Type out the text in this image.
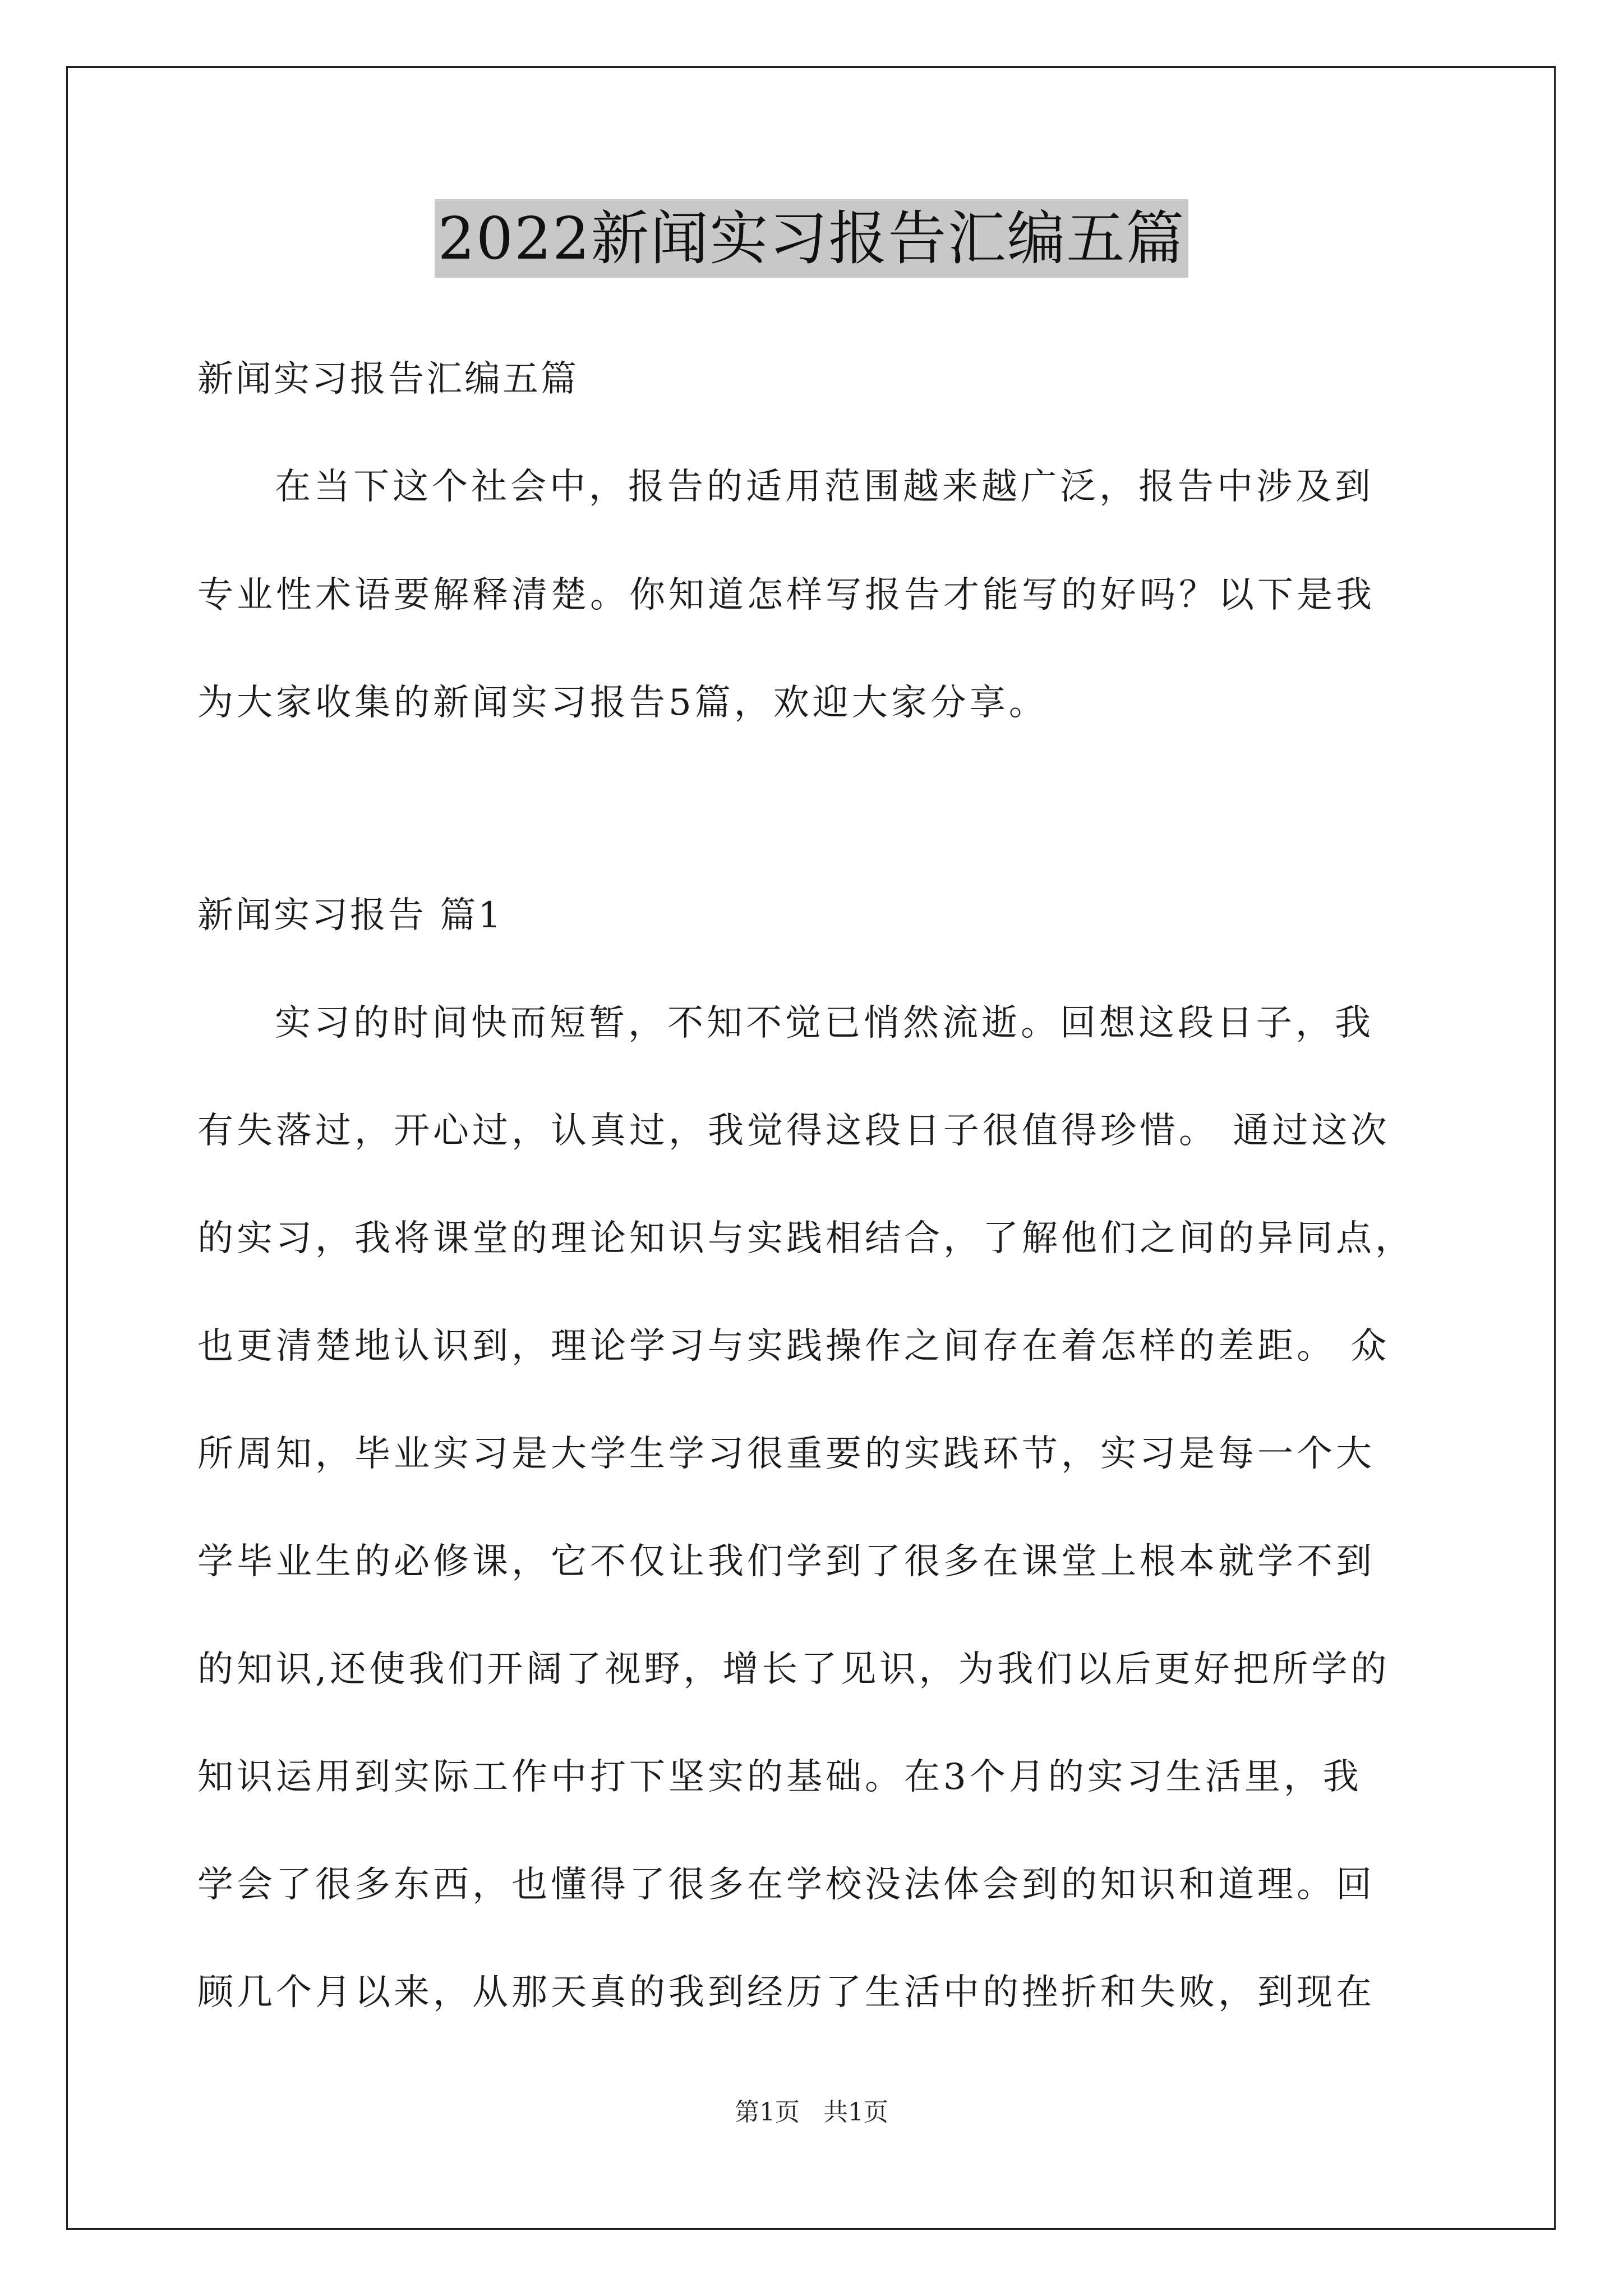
2022新闻实习报告汇编五篇
新闻实习报告汇编五篇
在当下这个社会中，报告的适用范围越来越广泛，报告中涉及到
专业性术语要解释清楚。你知道怎样写报告才能写的好吗？以下是我
为大家收集的新闻实习报告5篇，欢迎大家分享。
新闻实习报告 篇1
实习的时间快而短暂，不知不觉已悄然流逝。回想这段日子，我
有失落过，开心过，认真过，我觉得这段日子很值得珍惜。 通过这次
的实习，我将课堂的理论知识与实践相结合，了解他们之间的异同点，
也更清楚地认识到，理论学习与实践操作之间存在着怎样的差距。 众
所周知，毕业实习是大学生学习很重要的实践环节，实习是每一个大
学毕业生的必修课，它不仅让我们学到了很多在课堂上根本就学不到
的知识,还使我们开阔了视野，增长了见识，为我们以后更好把所学的
知识运用到实际工作中打下坚实的基础。在3个月的实习生活里，我
学会了很多东西，也懂得了很多在学校没法体会到的知识和道理。回
顾几个月以来，从那天真的我到经历了生活中的挫折和失败，到现在
第1页 共1页
